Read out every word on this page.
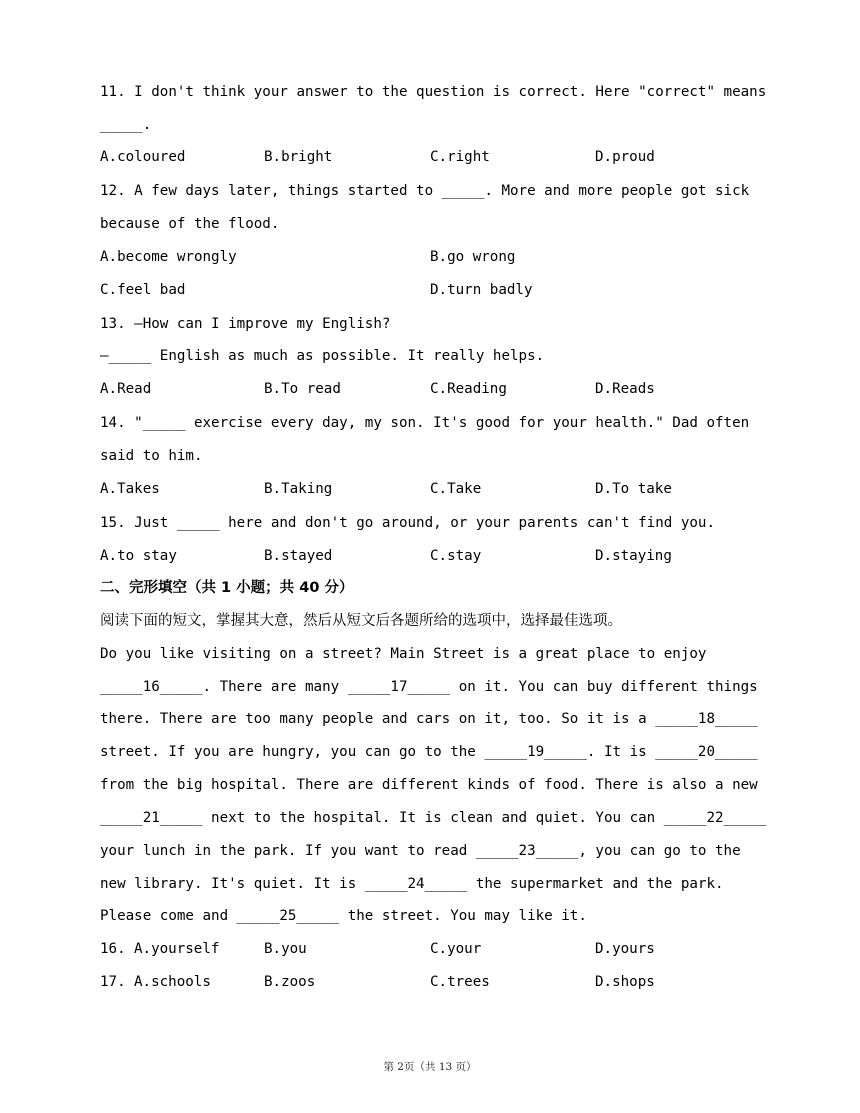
11. I don't think your answer to the question is correct. Here "correct" means
_____.
A.coloured	B.bright	C.right	D.proud
12. A few days later, things started to _____. More and more people got sick
because of the flood.
A.become wrongly	B.go wrong
C.feel bad	D.turn badly
13. —How can I improve my English?
—_____ English as much as possible. It really helps.
A.Read	B.To read	C.Reading	D.Reads
14. "_____ exercise every day, my son. It's good for your health." Dad often
said to him.
A.Takes	B.Taking	C.Take	D.To take
15. Just _____ here and don't go around, or your parents can't find you.
A.to stay	B.stayed	C.stay	D.staying
二、完形填空（共 1 小题；共 40 分）
阅读下面的短文，掌握其大意，然后从短文后各题所给的选项中，选择最佳选项。
Do you like visiting on a street? Main Street is a great place to enjoy
_____16_____. There are many _____17_____ on it. You can buy different things
there. There are too many people and cars on it, too. So it is a _____18_____
street. If you are hungry, you can go to the _____19_____. It is _____20_____
from the big hospital. There are different kinds of food. There is also a new
_____21_____ next to the hospital. It is clean and quiet. You can _____22_____
your lunch in the park. If you want to read _____23_____, you can go to the
new library. It's quiet. It is _____24_____ the supermarket and the park.
Please come and _____25_____ the street. You may like it.
16. A.yourself	B.you	C.your	D.yours
17. A.schools	B.zoos	C.trees	D.shops
第 2页（共 13 页）
